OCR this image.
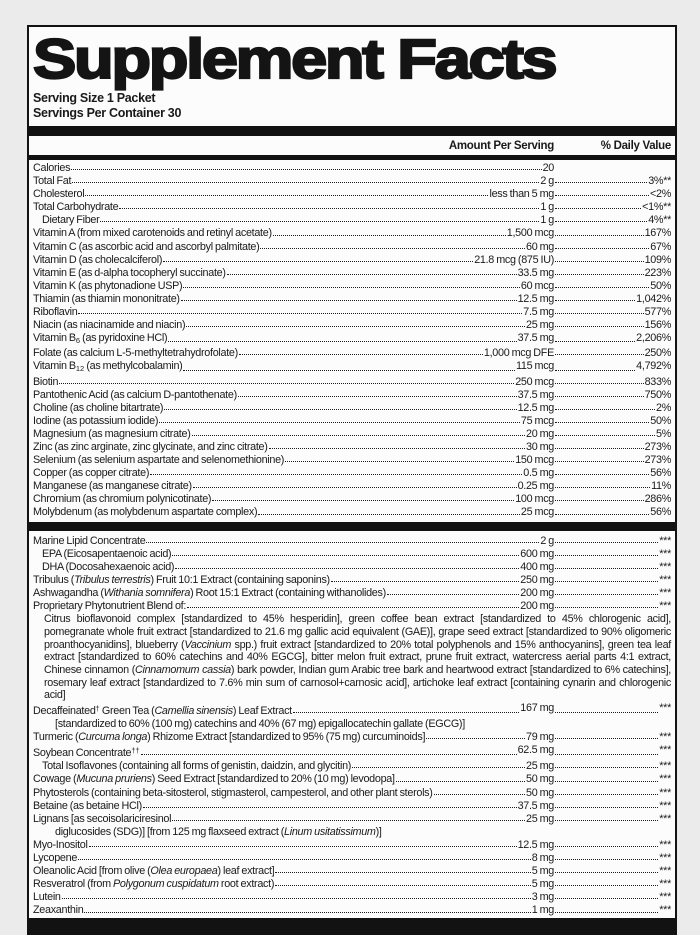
Supplement Facts
Serving Size 1 Packet
Servings Per Container 30
Amount Per Serving	% Daily Value
Calories	20
Total Fat	2 g	3%**
Cholesterol	less than 5 mg	<2%
Total Carbohydrate	1 g	<1%**
Dietary Fiber	1 g	4%**
Vitamin A (from mixed carotenoids and retinyl acetate)	1,500 mcg	167%
Vitamin C (as ascorbic acid and ascorbyl palmitate)	60 mg	67%
Vitamin D (as cholecalciferol)	21.8 mcg (875 IU)	109%
Vitamin E (as d-alpha tocopheryl succinate)	33.5 mg	223%
Vitamin K (as phytonadione USP)	60 mcg	50%
Thiamin (as thiamin mononitrate)	12.5 mg	1,042%
Riboflavin	7.5 mg	577%
Niacin (as niacinamide and niacin)	25 mg	156%
Vitamin $B_6$ (as pyridoxine HCl)	37.5 mg	2,206%
Folate (as calcium L-5-methyltetrahydrofolate)	1,000 mcg DFE	250%
Vitamin $B_{12}$ (as methylcobalamin)	115 mcg	4,792%
Biotin	250 mcg	833%
Pantothenic Acid (as calcium D-pantothenate)	37.5 mg	750%
Choline (as choline bitartrate)	12.5 mg	2%
Iodine (as potassium iodide)	75 mcg	50%
Magnesium (as magnesium citrate)	20 mg	5%
Zinc (as zinc arginate, zinc glycinate, and zinc citrate)	30 mg	273%
Selenium (as selenium aspartate and selenomethionine)	150 mcg	273%
Copper (as copper citrate)	0.5 mg	56%
Manganese (as manganese citrate)	0.25 mg	11%
Chromium (as chromium polynicotinate)	100 mcg	286%
Molybdenum (as molybdenum aspartate complex)	25 mcg	56%
Marine Lipid Concentrate	2 g	***
EPA (Eicosapentaenoic acid)	600 mg	***
DHA (Docosahexaenoic acid)	400 mg	***
Tribulus (Tribulus terrestris) Fruit 10:1 Extract (containing saponins)	250 mg	***
Ashwagandha (Withania somnifera) Root 15:1 Extract (containing withanolides)	200 mg	***
Proprietary Phytonutrient Blend of:	200 mg	***
Citrus bioflavonoid complex [standardized to 45% hesperidin], green coffee bean extract [standardized to 45% chlorogenic acid], pomegranate whole fruit extract [standardized to 21.6 mg gallic acid equivalent (GAE)], grape seed extract [standardized to 90% oligomeric proanthocyanidins], blueberry (Vaccinium spp.) fruit extract [standardized to 20% total polyphenols and 15% anthocyanins], green tea leaf extract [standardized to 60% catechins and 40% EGCG], bitter melon fruit extract, prune fruit extract, watercress aerial parts 4:1 extract, Chinese cinnamon (Cinnamomum cassia) bark powder, Indian gum Arabic tree bark and heartwood extract [standardized to 6% catechins], rosemary leaf extract [standardized to 7.6% min sum of carnosol+carnosic acid], artichoke leaf extract [containing cynarin and chlorogenic acid]
Decaffeinated† Green Tea (Camellia sinensis) Leaf Extract	167 mg	***
[standardized to 60% (100 mg) catechins and 40% (67 mg) epigallocatechin gallate (EGCG)]
Turmeric (Curcuma longa) Rhizome Extract [standardized to 95% (75 mg) curcuminoids]	79 mg	***
Soybean Concentrate††	62.5 mg	***
Total Isoflavones (containing all forms of genistin, daidzin, and glycitin)	25 mg	***
Cowage (Mucuna pruriens) Seed Extract [standardized to 20% (10 mg) levodopa]	50 mg	***
Phytosterols (containing beta-sitosterol, stigmasterol, campesterol, and other plant sterols)	50 mg	***
Betaine (as betaine HCl)	37.5 mg	***
Lignans [as secoisolariciresinol	25 mg	***
diglucosides (SDG)] [from 125 mg flaxseed extract (Linum usitatissimum)]
Myo-Inositol	12.5 mg	***
Lycopene	8 mg	***
Oleanolic Acid [from olive (Olea europaea) leaf extract]	5 mg	***
Resveratrol (from Polygonum cuspidatum root extract)	5 mg	***
Lutein	3 mg	***
Zeaxanthin	1 mg	***
